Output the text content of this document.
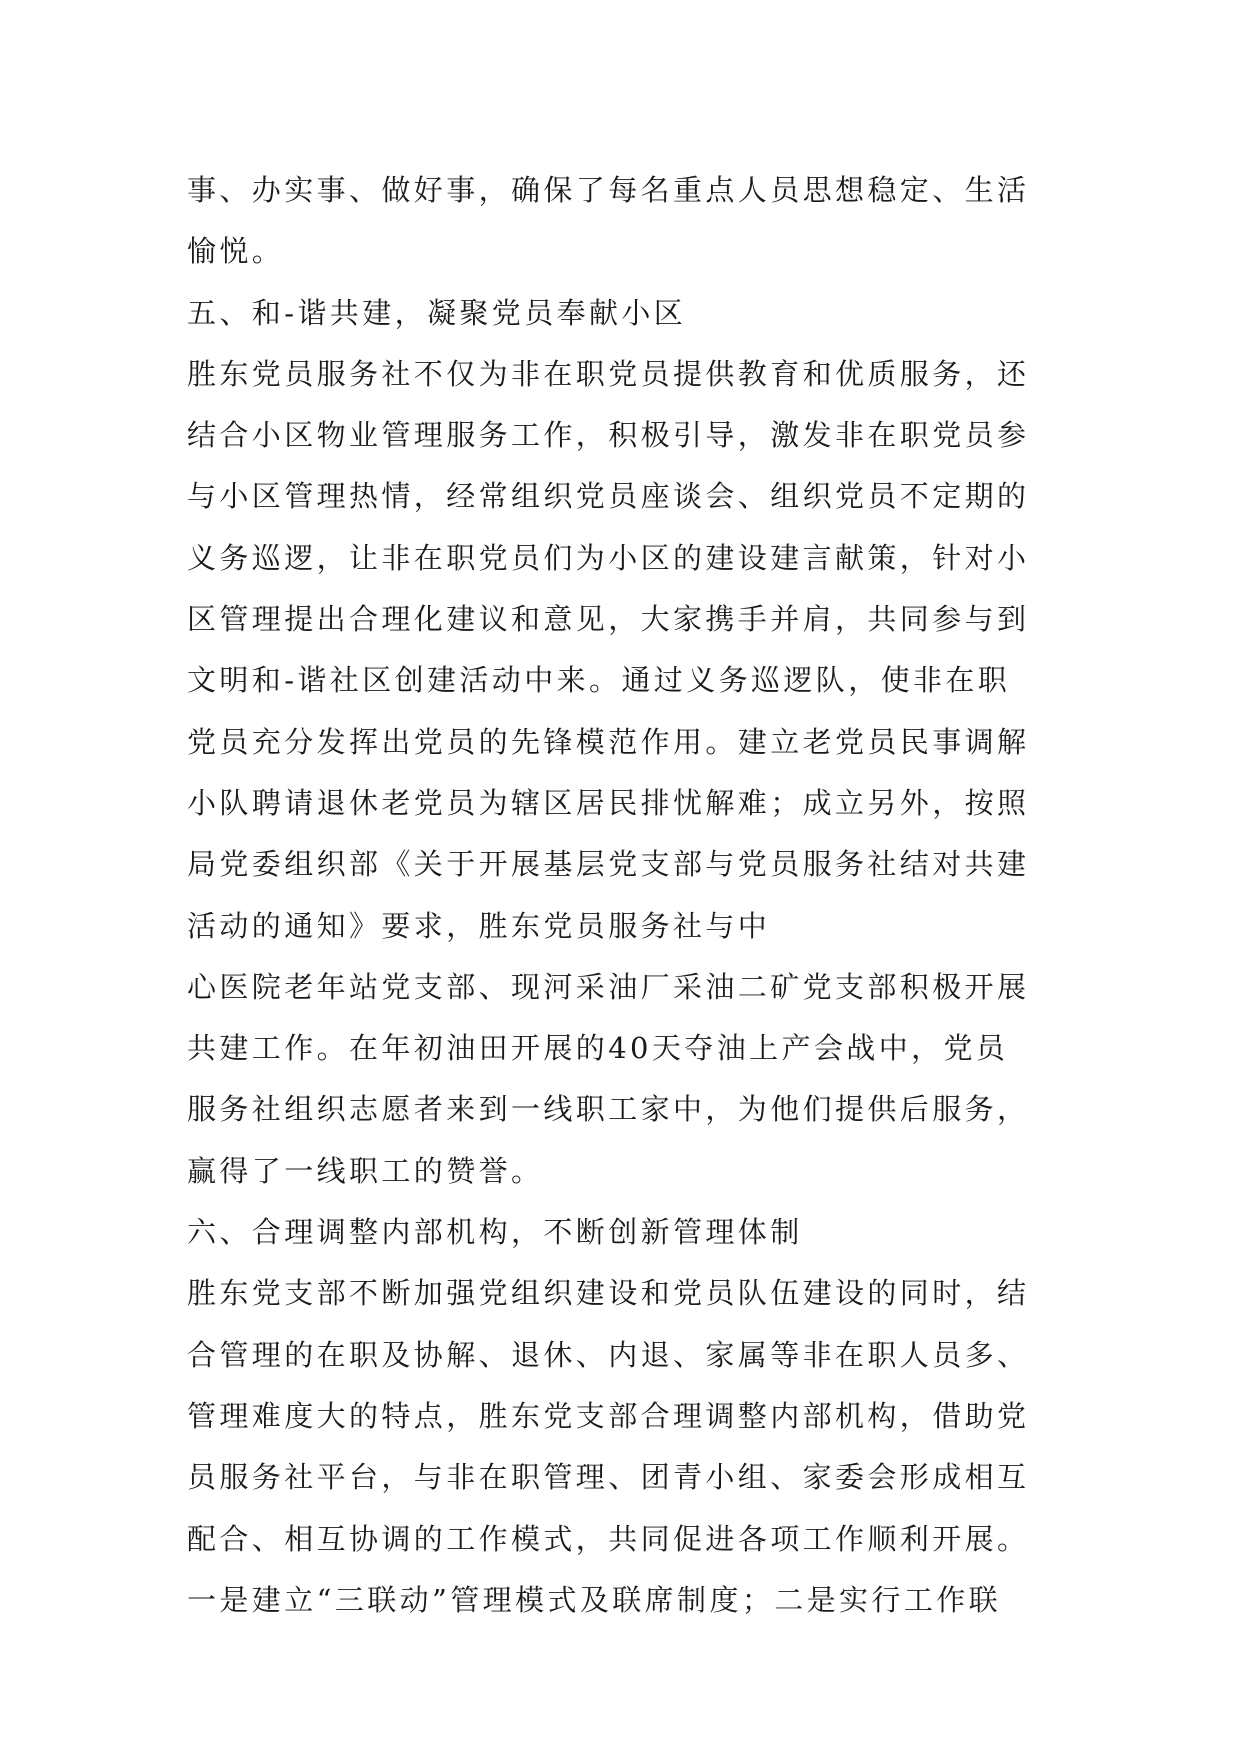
事、办实事、做好事，确保了每名重点人员思想稳定、生活
愉悦。
五、和-谐共建，凝聚党员奉献小区
胜东党员服务社不仅为非在职党员提供教育和优质服务，还
结合小区物业管理服务工作，积极引导，激发非在职党员参
与小区管理热情，经常组织党员座谈会、组织党员不定期的
义务巡逻，让非在职党员们为小区的建设建言献策，针对小
区管理提出合理化建议和意见，大家携手并肩，共同参与到
文明和-谐社区创建活动中来。通过义务巡逻队，使非在职
党员充分发挥出党员的先锋模范作用。建立老党员民事调解
小队聘请退休老党员为辖区居民排忧解难；成立另外，按照
局党委组织部《关于开展基层党支部与党员服务社结对共建
活动的通知》要求，胜东党员服务社与中
心医院老年站党支部、现河采油厂采油二矿党支部积极开展
共建工作。在年初油田开展的40天夺油上产会战中，党员
服务社组织志愿者来到一线职工家中，为他们提供后服务，
赢得了一线职工的赞誉。
六、合理调整内部机构，不断创新管理体制
胜东党支部不断加强党组织建设和党员队伍建设的同时，结
合管理的在职及协解、退休、内退、家属等非在职人员多、
管理难度大的特点，胜东党支部合理调整内部机构，借助党
员服务社平台，与非在职管理、团青小组、家委会形成相互
配合、相互协调的工作模式，共同促进各项工作顺利开展。
一是建立“三联动”管理模式及联席制度；二是实行工作联
